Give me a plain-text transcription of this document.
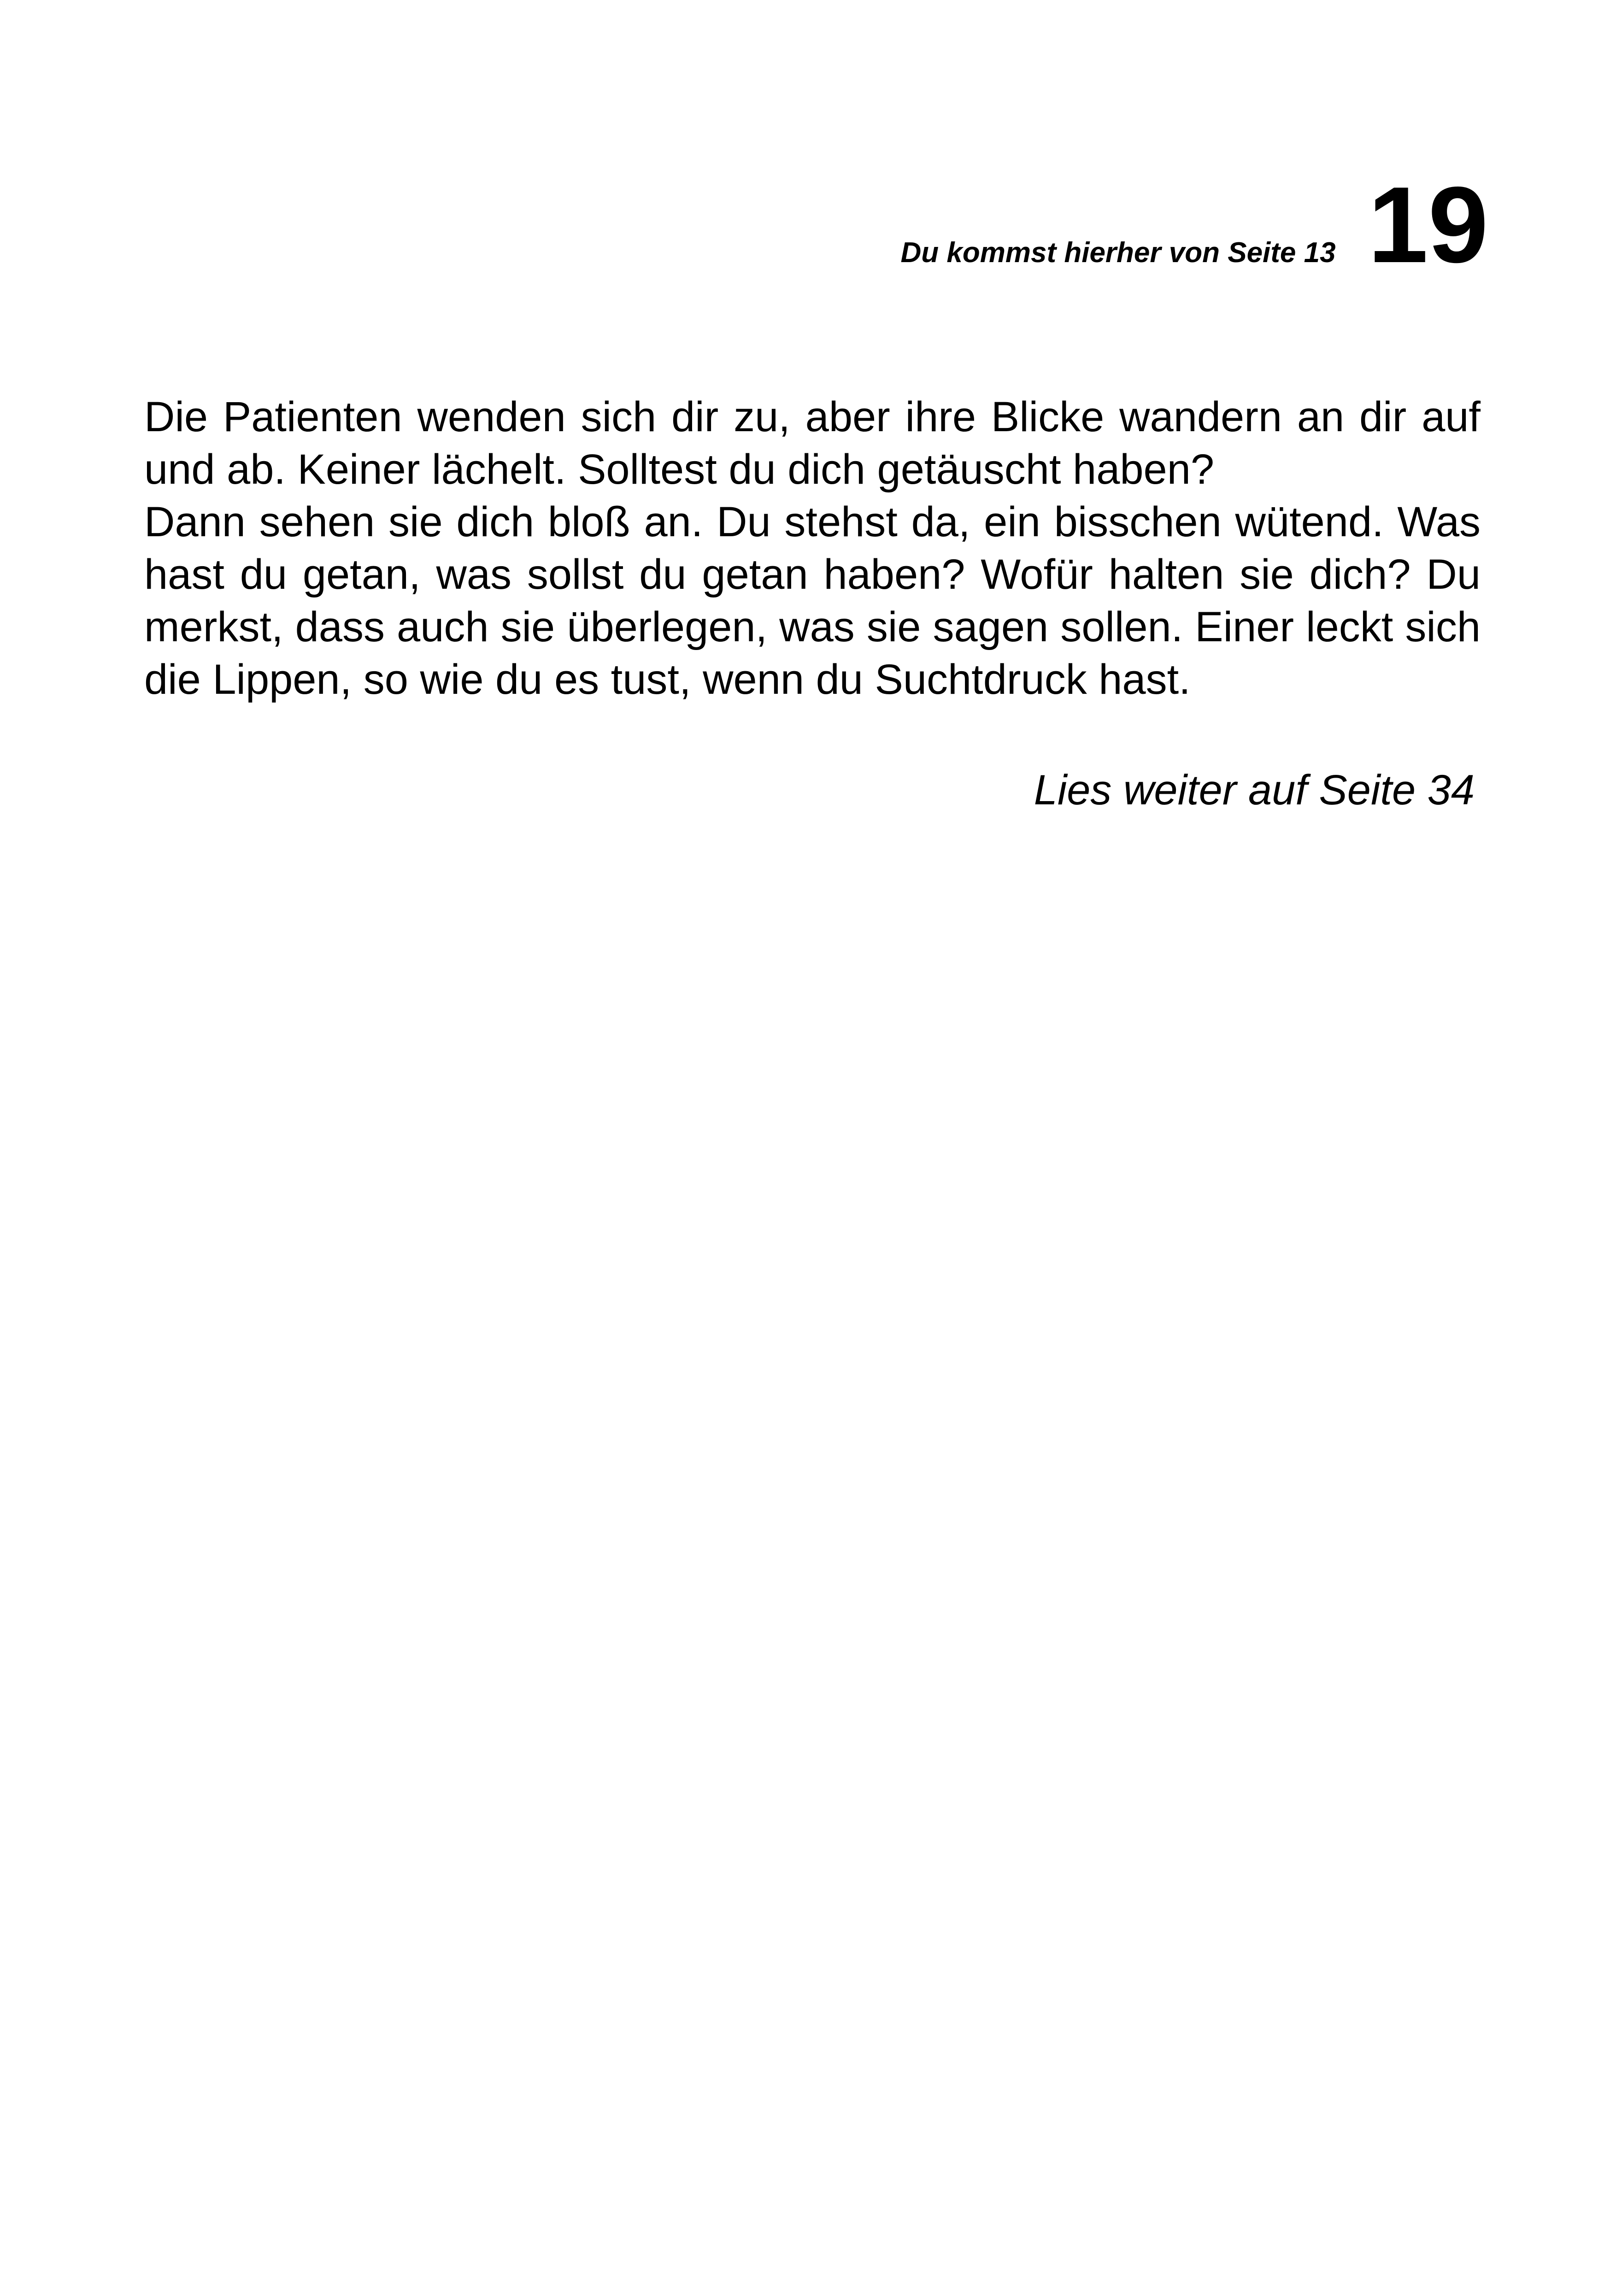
Du kommst hierher von Seite 13 19

Die Patienten wenden sich dir zu, aber ihre Blicke wandern an dir auf und ab. Keiner lächelt. Solltest du dich getäuscht haben?

Dann sehen sie dich bloß an. Du stehst da, ein bisschen wütend. Was hast du getan, was sollst du getan haben? Wofür halten sie dich? Du merkst, dass auch sie überlegen, was sie sagen sollen. Einer leckt sich die Lippen, so wie du es tust, wenn du Suchtdruck hast.

Lies weiter auf Seite 34
